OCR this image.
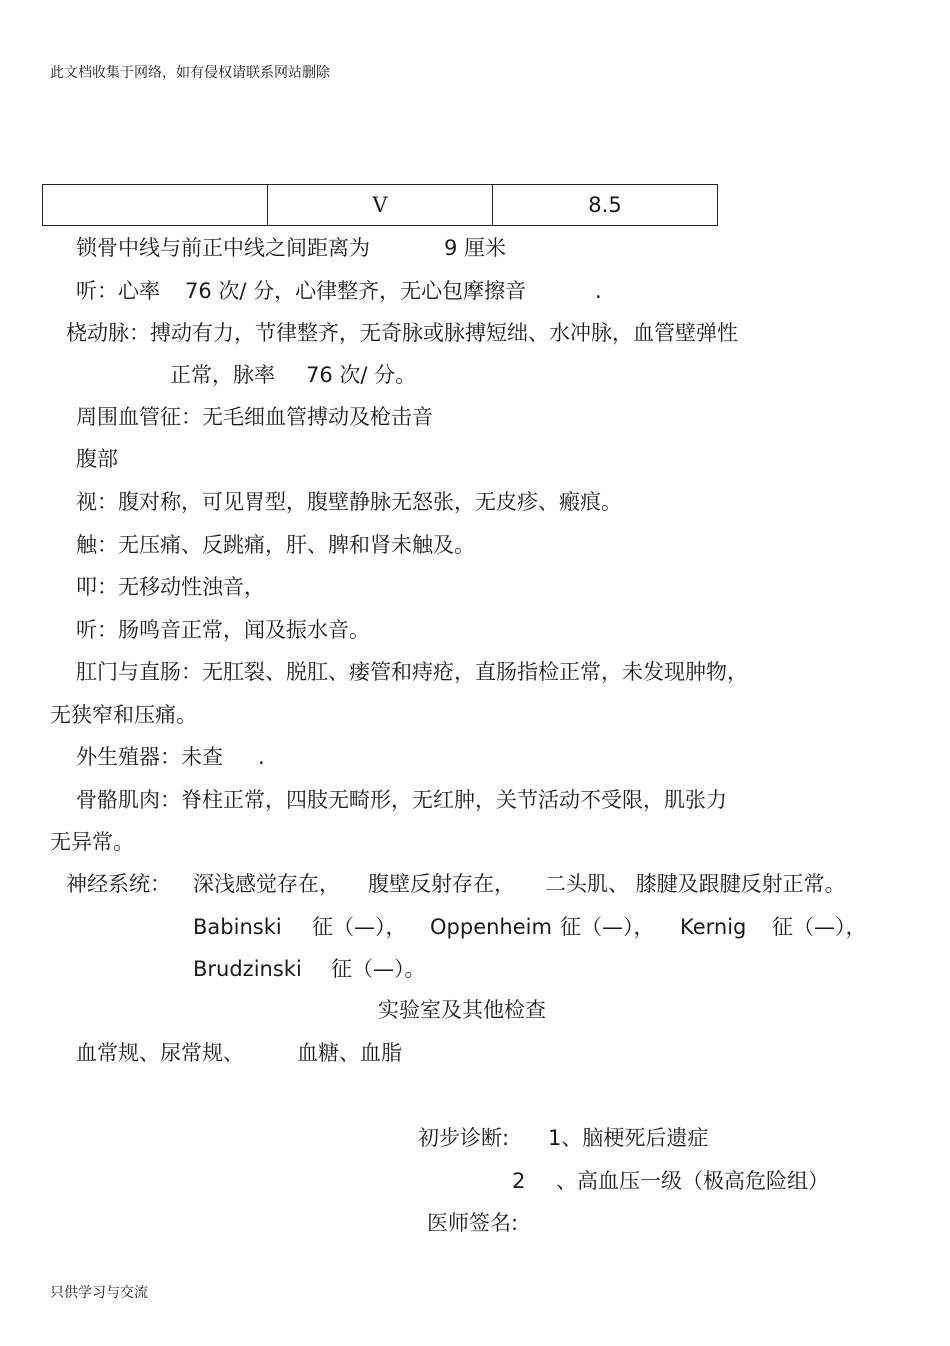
此文档收集于网络，如有侵权请联系网站删除
	V	8.5
锁骨中线与前正中线之间距离为	9 厘米
听：心率 76 次/ 分，心律整齐，无心包摩擦音	.
桡动脉：搏动有力，节律整齐，无奇脉或脉搏短绌、水冲脉，血管壁弹性
正常，脉率 76 次/ 分。
周围血管征：无毛细血管搏动及枪击音
腹部
视：腹对称，可见胃型，腹壁静脉无怒张，无皮疹、瘢痕。
触：无压痛、反跳痛，肝、脾和肾未触及。
叩：无移动性浊音，
听：肠鸣音正常，闻及振水音。
肛门与直肠：无肛裂、脱肛、瘘管和痔疮，直肠指检正常，未发现肿物，
无狭窄和压痛。
外生殖器：未查 .
骨骼肌肉：脊柱正常，四肢无畸形，无红肿，关节活动不受限，肌张力
无异常。
神经系统： 深浅感觉存在， 腹壁反射存在， 二头肌、 膝腱及跟腱反射正常。
Babinski 征（—）， Oppenheim 征（—）， Kernig 征（—），
Brudzinski 征（—）。
实验室及其他检查
血常规、尿常规、	血糖、血脂
初步诊断: 1、脑梗死后遗症
2 、高血压一级（极高危险组）
医师签名:
只供学习与交流
